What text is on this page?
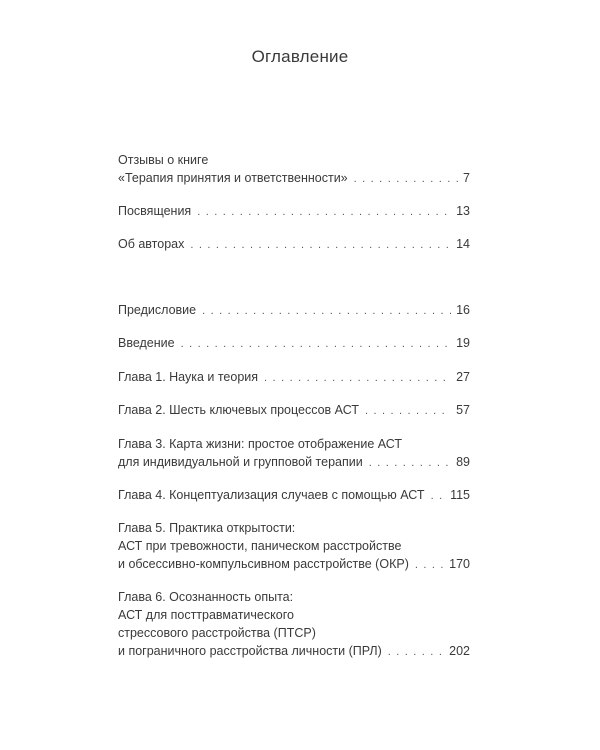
Оглавление
Отзывы о книге
«Терапия принятия и ответственности» . . .	7
Посвящения . . .	13
Об авторах . . .	14
Предисловие . . .	16
Введение . . .	19
Глава 1. Наука и теория . . .	27
Глава 2. Шесть ключевых процессов АСТ . . .	57
Глава 3. Карта жизни: простое отображение АСТ
для индивидуальной и групповой терапии . . .	89
Глава 4. Концептуализация случаев с помощью АСТ . . . 115
Глава 5. Практика открытости:
АСТ при тревожности, паническом расстройстве
и обсессивно-компульсивном расстройстве (ОКР) . . .	170
Глава 6. Осознанность опыта:
АСТ для посттравматического
стрессового расстройства (ПТСР)
и пограничного расстройства личности (ПРЛ) . . .	202
